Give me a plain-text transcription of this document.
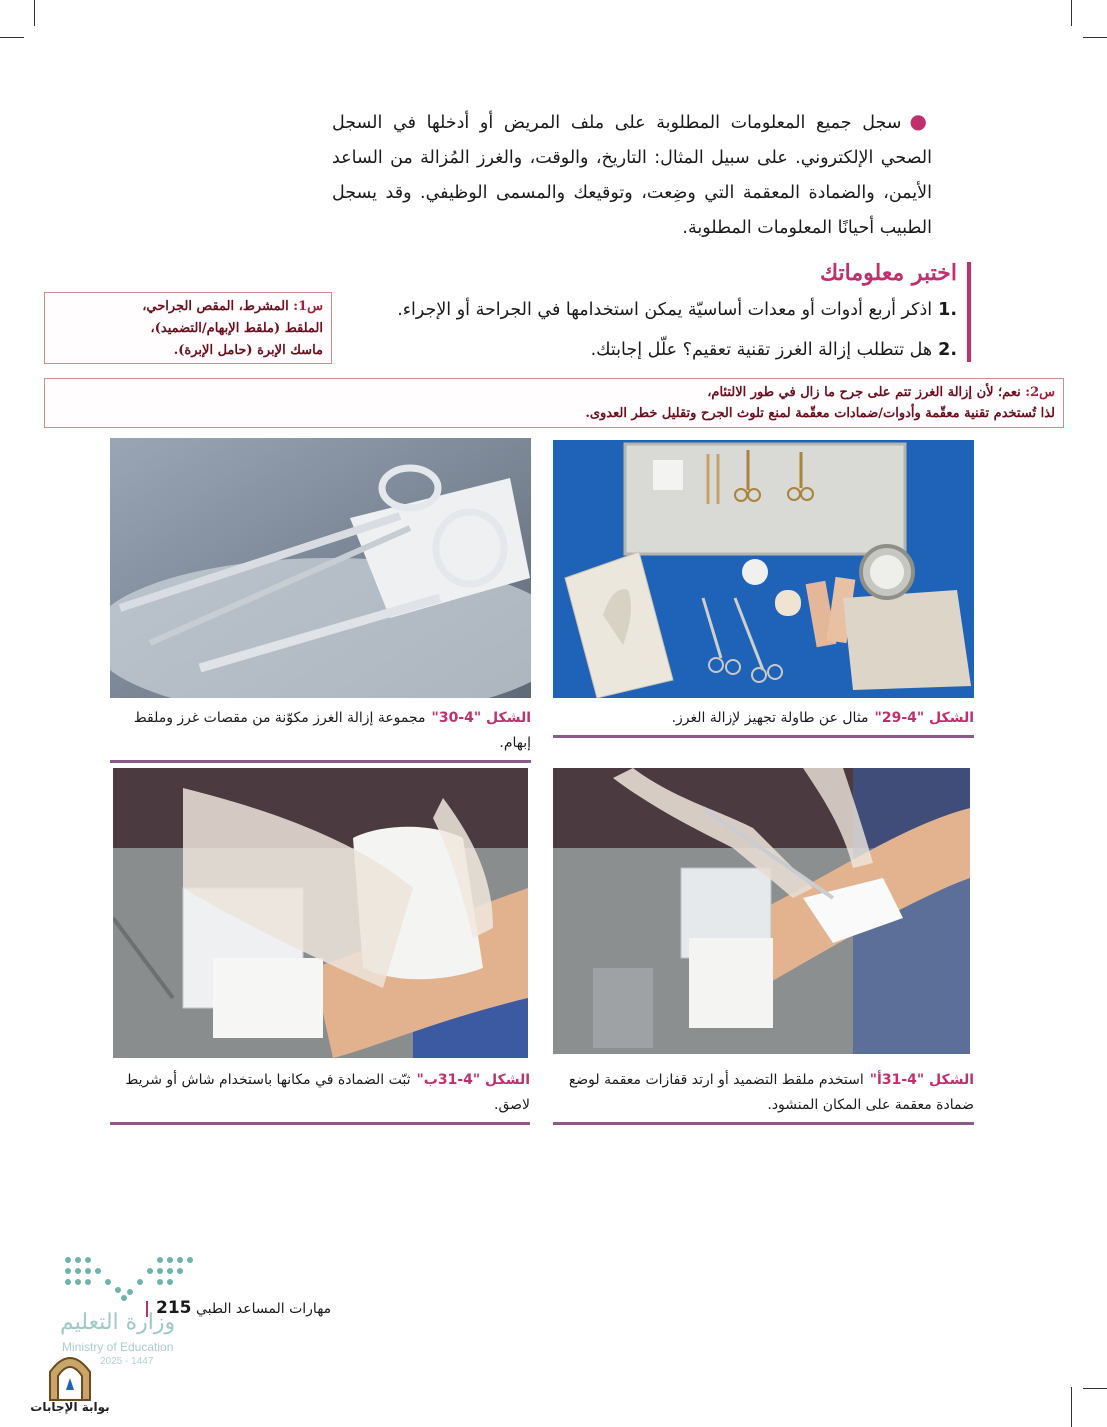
●سجل جميع المعلومات المطلوبة على ملف المريض أو أدخلها في السجل الصحي الإلكتروني. على سبيل المثال: التاريخ، والوقت، والغرز المُزالة من الساعد الأيمن، والضمادة المعقمة التي وضِعت، وتوقيعك والمسمى الوظيفي. وقد يسجل الطبيب أحيانًا المعلومات المطلوبة.
اختبر معلوماتك
.1اذكر أربع أدوات أو معدات أساسيّة يمكن استخدامها في الجراحة أو الإجراء.
.2هل تتطلب إزالة الغرز تقنية تعقيم؟ علّل إجابتك.
س1: المشرط، المقص الجراحي،
الملقط (ملقط الإبهام/التضميد)،
ماسك الإبرة (حامل الإبرة).
س2: نعم؛ لأن إزالة الغرز تتم على جرح ما زال في طور الالتئام،
لذا تُستخدم تقنية معقّمة وأدوات/ضمادات معقّمة لمنع تلوث الجرح وتقليل خطر العدوى.
الشكل "4-29"مثال عن طاولة تجهيز لإزالة الغرز.
الشكل "4-30"مجموعة إزالة الغرز مكوّنة من مقصات غرز وملقط إبهام.
الشكل "4-31أ"استخدم ملقط التضميد أو ارتد قفازات معقمة لوضع ضمادة معقمة على المكان المنشود.
الشكل "4-31ب"ثبّت الضمادة في مكانها باستخدام شاش أو شريط لاصق.
مهارات المساعد الطبي 215
وزارة التعليم
Ministry of Education
2025 - 1447
بوابة الإجابات
